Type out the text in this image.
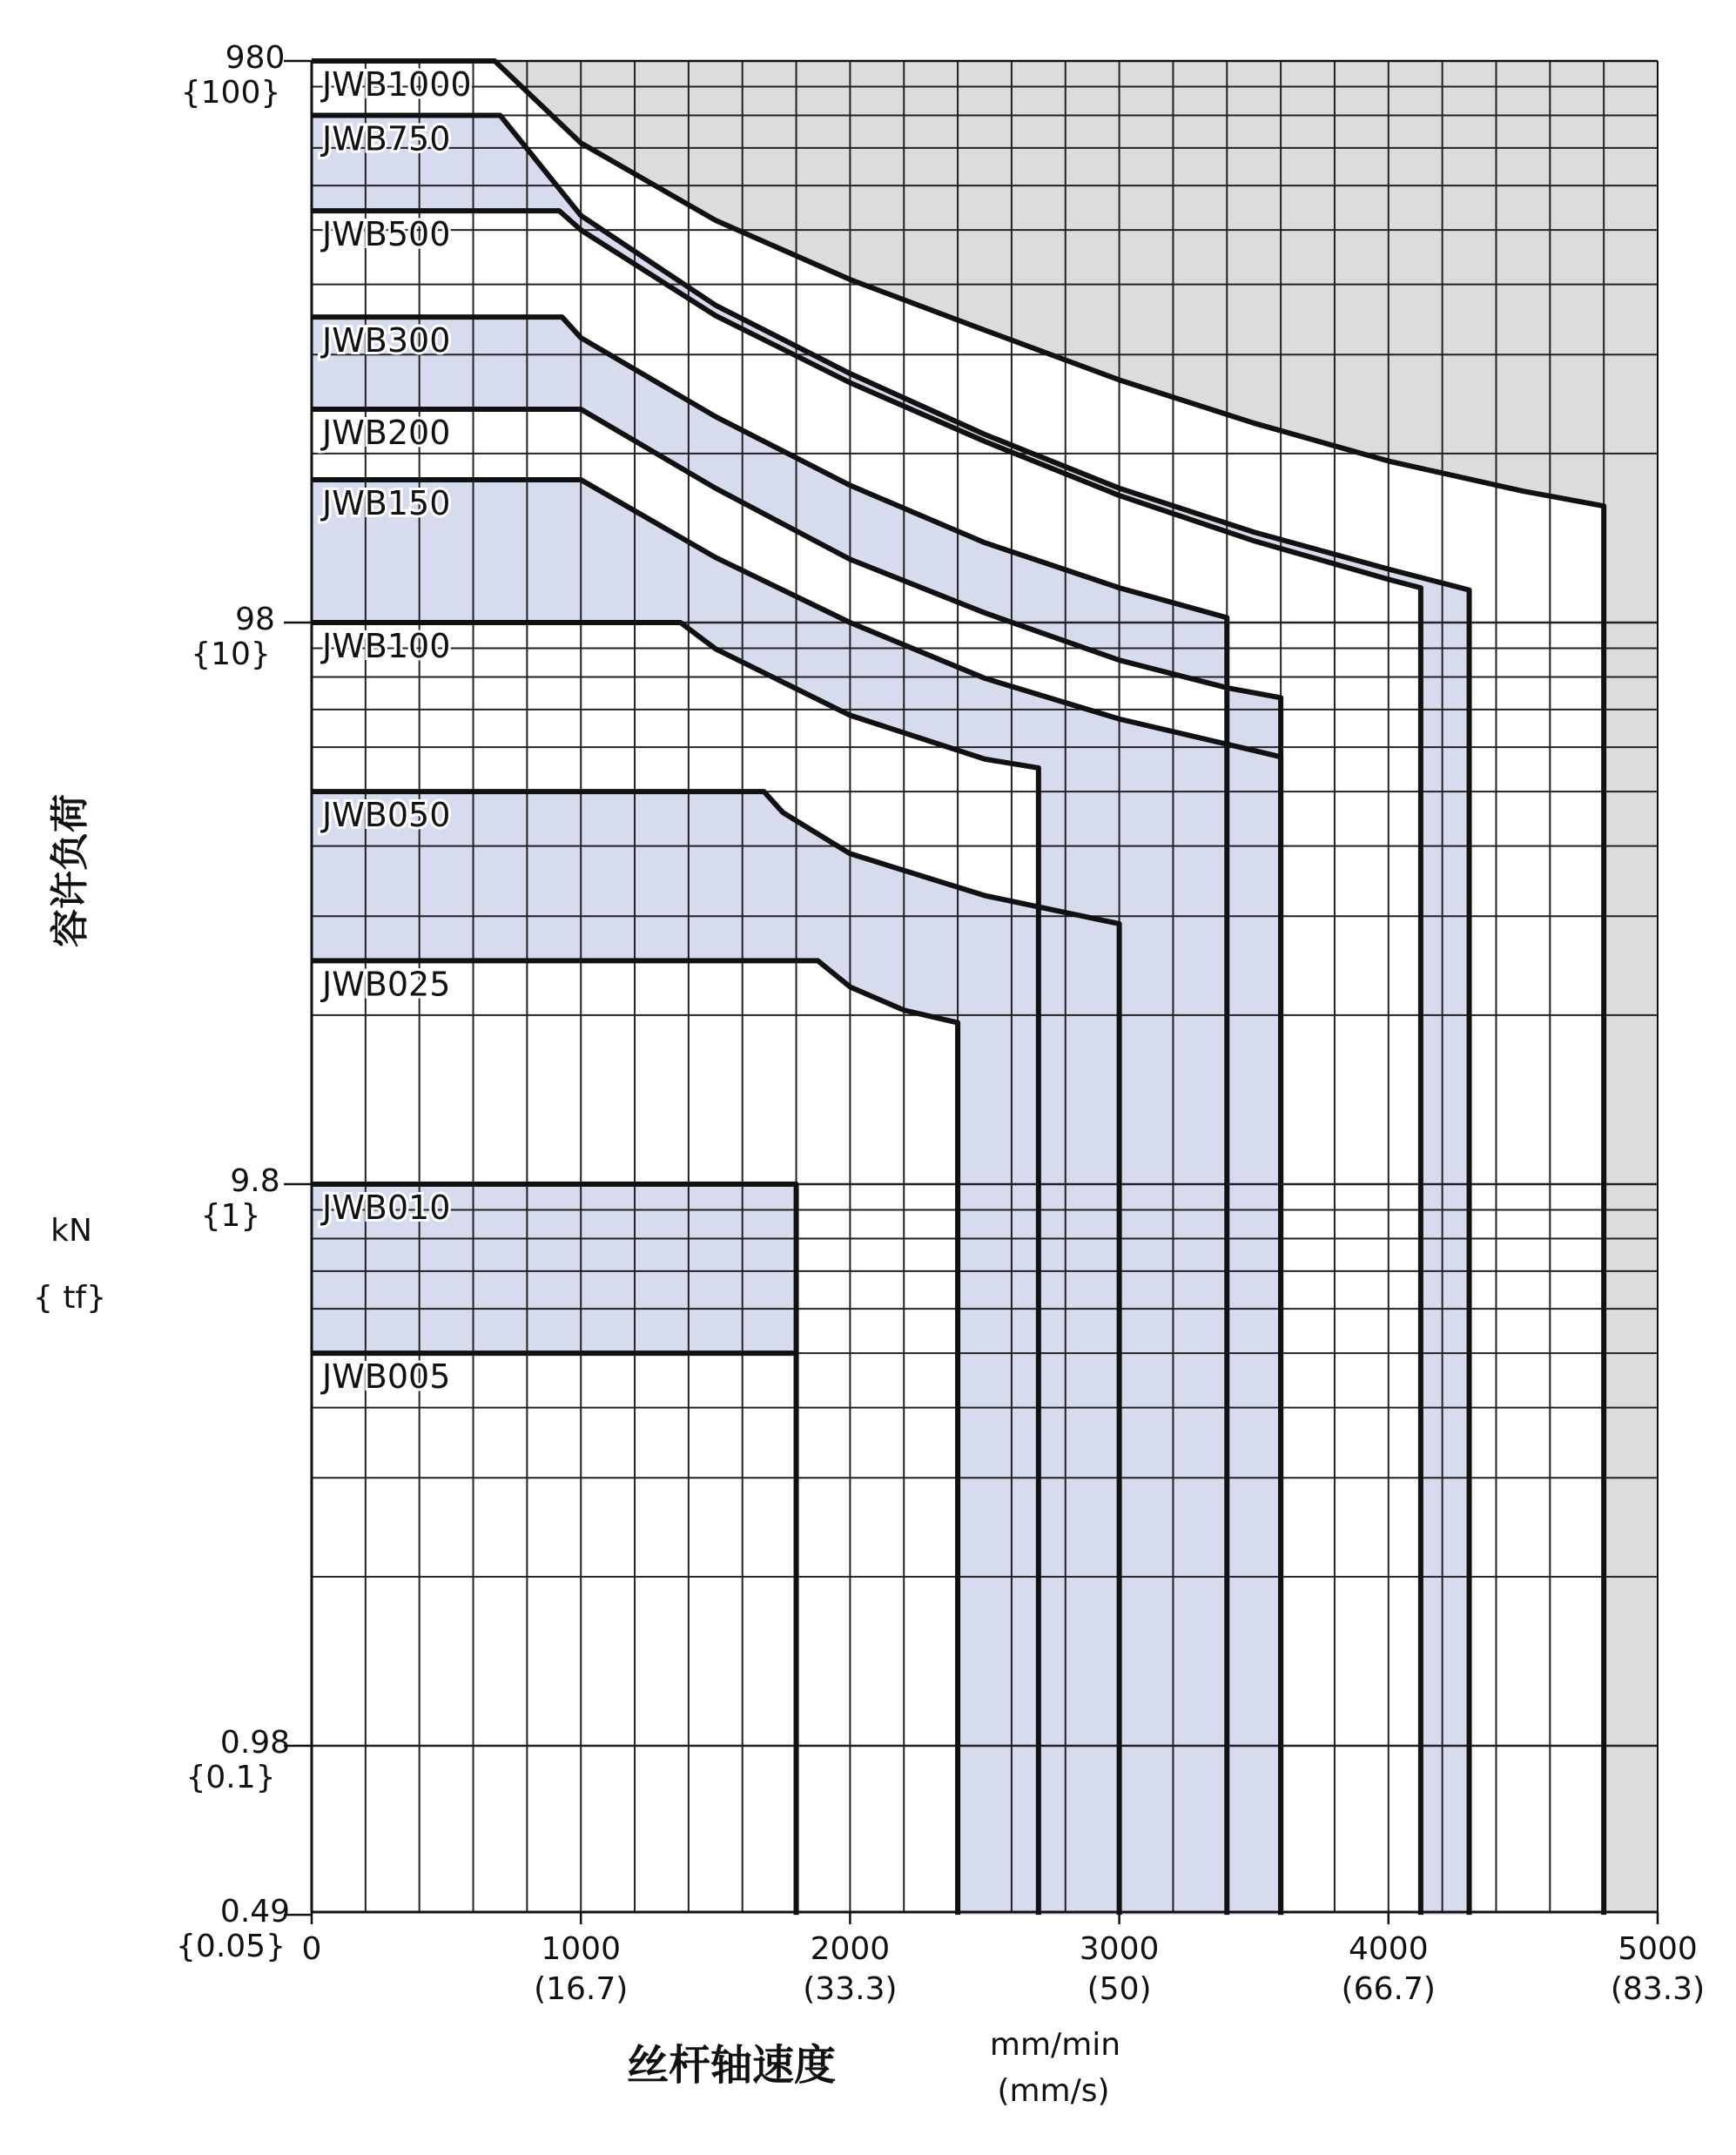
JWB1000
JWB750
JWB500
JWB300
JWB200
JWB150
JWB100
JWB050
JWB025
JWB010
JWB005
980
{100}
98
{10}
9.8
{1}
0.98
{0.1}
0.49
{0.05} 0	1000
(16.7)
2000
(33.3)
3000
(50)
4000
(66.7)
5000
(83.3)
容许负荷
kN
{ tf}
丝杆轴速度	mm/min
(mm/s)
